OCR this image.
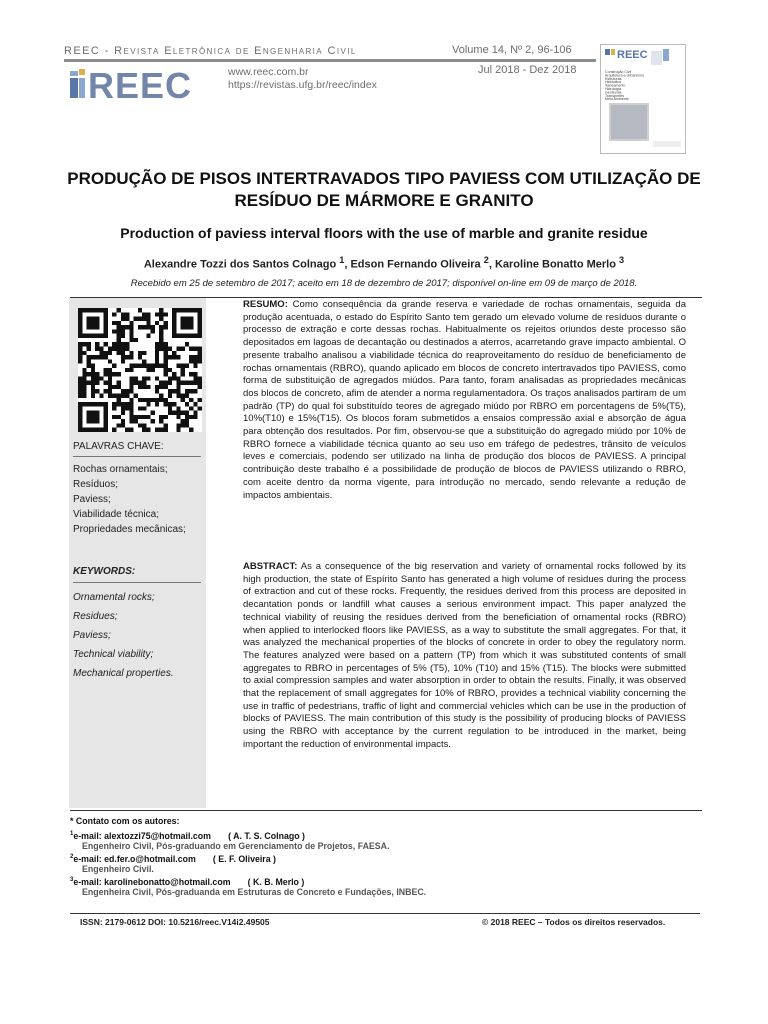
REEC - Revista Eletrônica de Engenharia Civil	Volume 14, Nº 2, 96-106
REEC	www.reec.com.br
https://revistas.ufg.br/reec/index
Jul 2018 - Dez 2018
REEC
Construção Civil
Arquitetura e Urbanismo
Estruturas
Hidráulica
Saneamento
Hidrologia
Geotecnia
Transportes
Meio Ambiente
PRODUÇÃO DE PISOS INTERTRAVADOS TIPO PAVIESS COM UTILIZAÇÃO DE RESÍDUO DE MÁRMORE E GRANITO
Production of paviess interval floors with the use of marble and granite residue
Alexandre Tozzi dos Santos Colnago $^1$, Edson Fernando Oliveira $^2$, Karoline Bonatto Merlo $^3$
Recebido em 25 de setembro de 2017; aceito em 18 de dezembro de 2017; disponível on-line em 09 de março de 2018.
PALAVRAS CHAVE:
Rochas ornamentais;
Resíduos;
Paviess;
Viabilidade técnica;
Propriedades mecânicas;
KEYWORDS:
Ornamental rocks;
Residues;
Paviess;
Technical viability;
Mechanical properties.
RESUMO: Como consequência da grande reserva e variedade de rochas ornamentais, seguida da produção acentuada, o estado do Espírito Santo tem gerado um elevado volume de resíduos durante o processo de extração e corte dessas rochas. Habitualmente os rejeitos oriundos deste processo são depositados em lagoas de decantação ou destinados a aterros, acarretando grave impacto ambiental. O presente trabalho analisou a viabilidade técnica do reaproveitamento do resíduo de beneficiamento de rochas ornamentais (RBRO), quando aplicado em blocos de concreto intertravados tipo PAVIESS, como forma de substituição de agregados miúdos. Para tanto, foram analisadas as propriedades mecânicas dos blocos de concreto, afim de atender a norma regulamentadora. Os traços analisados partiram de um padrão (TP) do qual foi substituído teores de agregado miúdo por RBRO em porcentagens de 5%(T5), 10%(T10) e 15%(T15). Os blocos foram submetidos a ensaios compressão axial e absorção de água para obtenção dos resultados. Por fim, observou-se que a substituição do agregado miúdo por 10% de RBRO fornece a viabilidade técnica quanto ao seu uso em tráfego de pedestres, trânsito de veículos leves e comerciais, podendo ser utilizado na linha de produção dos blocos de PAVIESS. A principal contribuição deste trabalho é a possibilidade de produção de blocos de PAVIESS utilizando o RBRO, com aceite dentro da norma vigente, para introdução no mercado, sendo relevante a redução de impactos ambientais.
ABSTRACT: As a consequence of the big reservation and variety of ornamental rocks followed by its high production, the state of Espírito Santo has generated a high volume of residues during the process of extraction and cut of these rocks. Frequently, the residues derived from this process are deposited in decantation ponds or landfill what causes a serious environment impact. This paper analyzed the technical viability of reusing the residues derived from the beneficiation of ornamental rocks (RBRO) when applied to interlocked floors like PAVIESS, as a way to substitute the small aggregates. For that, it was analyzed the mechanical properties of the blocks of concrete in order to obey the regulatory norm. The features analyzed were based on a pattern (TP) from which it was substituted contents of small aggregates to RBRO in percentages of 5% (T5), 10% (T10) and 15% (T15). The blocks were submitted to axial compression samples and water absorption in order to obtain the results. Finally, it was observed that the replacement of small aggregates for 10% of RBRO, provides a technical viability concerning the use in traffic of pedestrians, traffic of light and commercial vehicles which can be use in the production of blocks of PAVIESS. The main contribution of this study is the possibility of producing blocks of PAVIESS using the RBRO with acceptance by the current regulation to be introduced in the market, being important the reduction of environmental impacts.
* Contato com os autores:
$^1$e-mail: alextozzi75@hotmail.com       ( A. T. S. Colnago )
Engenheiro Civil, Pós-graduando em Gerenciamento de Projetos, FAESA.
$^2$e-mail: ed.fer.o@hotmail.com       ( E. F. Oliveira )
Engenheiro Civil.
$^3$e-mail: karolinebonatto@hotmail.com       ( K. B. Merlo )
Engenheira Civil, Pós-graduanda em Estruturas de Concreto e Fundações, INBEC.
ISSN: 2179-0612 DOI: 10.5216/reec.V14i2.49505	© 2018 REEC – Todos os direitos reservados.
